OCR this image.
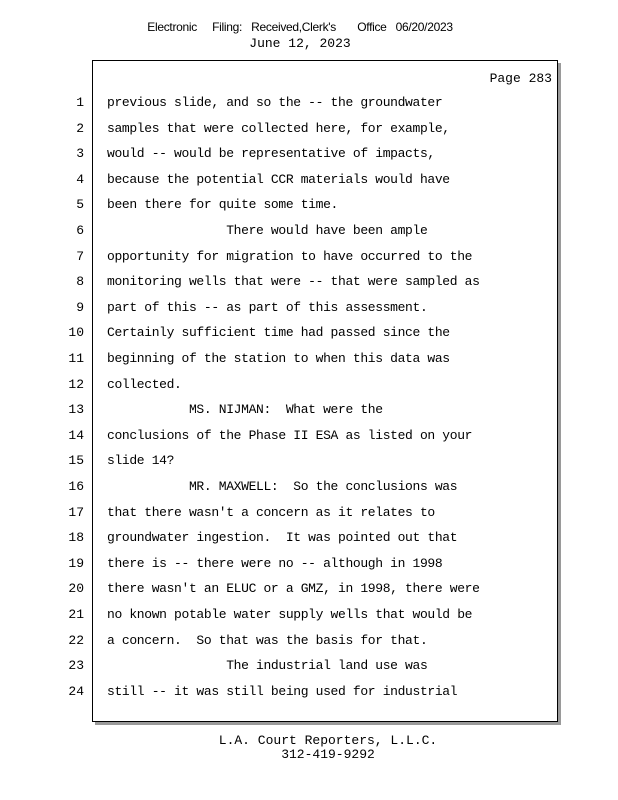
Electronic     Filing:   Received,Clerk's       Office   06/20/2023
June 12, 2023
Page 283
1 previous slide, and so the -- the groundwater
2 samples that were collected here, for example,
3 would -- would be representative of impacts,
4 because the potential CCR materials would have
5 been there for quite some time.
6 There would have been ample
7 opportunity for migration to have occurred to the
8 monitoring wells that were -- that were sampled as
9 part of this -- as part of this assessment.
10 Certainly sufficient time had passed since the
11 beginning of the station to when this data was
12 collected.
13 MS. NIJMAN:  What were the
14 conclusions of the Phase II ESA as listed on your
15 slide 14?
16 MR. MAXWELL:  So the conclusions was
17 that there wasn't a concern as it relates to
18 groundwater ingestion.  It was pointed out that
19 there is -- there were no -- although in 1998
20 there wasn't an ELUC or a GMZ, in 1998, there were
21 no known potable water supply wells that would be
22 a concern.  So that was the basis for that.
23 The industrial land use was
24 still -- it was still being used for industrial
L.A. Court Reporters, L.L.C.
312-419-9292
